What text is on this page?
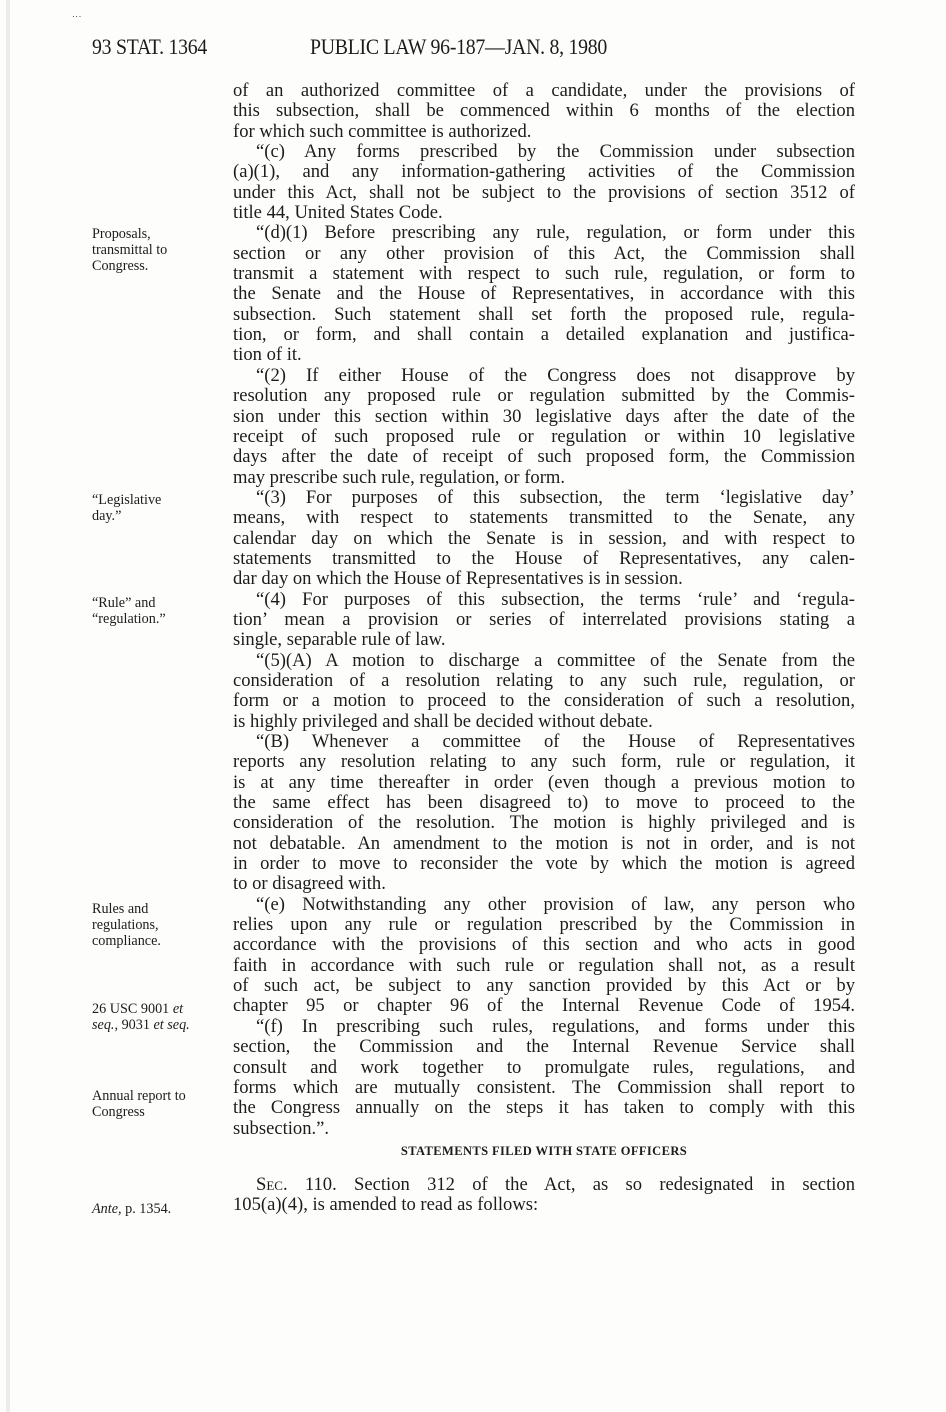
⋮
93 STAT. 1364	PUBLIC LAW 96-187—JAN. 8, 1980
Proposals,
transmittal to
Congress.
“Legislative
day.”
“Rule” and
“regulation.”
Rules and
regulations,
compliance.
26 USC 9001 et
seq., 9031 et seq.
Annual report to
Congress
Ante, p. 1354.

of an authorized committee of a candidate, under the provisions of
this subsection, shall be commenced within 6 months of the election
for which such committee is authorized.

“(c) Any forms prescribed by the Commission under subsection
(a)(1), and any information-gathering activities of the Commission
under this Act, shall not be subject to the provisions of section 3512 of
title 44, United States Code.

“(d)(1) Before prescribing any rule, regulation, or form under this
section or any other provision of this Act, the Commission shall
transmit a statement with respect to such rule, regulation, or form to
the Senate and the House of Representatives, in accordance with this
subsection. Such statement shall set forth the proposed rule, regula-
tion, or form, and shall contain a detailed explanation and justifica-
tion of it.

“(2) If either House of the Congress does not disapprove by
resolution any proposed rule or regulation submitted by the Commis-
sion under this section within 30 legislative days after the date of the
receipt of such proposed rule or regulation or within 10 legislative
days after the date of receipt of such proposed form, the Commission
may prescribe such rule, regulation, or form.

“(3) For purposes of this subsection, the term ‘legislative day’
means, with respect to statements transmitted to the Senate, any
calendar day on which the Senate is in session, and with respect to
statements transmitted to the House of Representatives, any calen-
dar day on which the House of Representatives is in session.

“(4) For purposes of this subsection, the terms ‘rule’ and ‘regula-
tion’ mean a provision or series of interrelated provisions stating a
single, separable rule of law.

“(5)(A) A motion to discharge a committee of the Senate from the
consideration of a resolution relating to any such rule, regulation, or
form or a motion to proceed to the consideration of such a resolution,
is highly privileged and shall be decided without debate.

“(B) Whenever a committee of the House of Representatives
reports any resolution relating to any such form, rule or regulation, it
is at any time thereafter in order (even though a previous motion to
the same effect has been disagreed to) to move to proceed to the
consideration of the resolution. The motion is highly privileged and is
not debatable. An amendment to the motion is not in order, and is not
in order to move to reconsider the vote by which the motion is agreed
to or disagreed with.

“(e) Notwithstanding any other provision of law, any person who
relies upon any rule or regulation prescribed by the Commission in
accordance with the provisions of this section and who acts in good
faith in accordance with such rule or regulation shall not, as a result
of such act, be subject to any sanction provided by this Act or by
chapter 95 or chapter 96 of the Internal Revenue Code of 1954.

“(f) In prescribing such rules, regulations, and forms under this
section, the Commission and the Internal Revenue Service shall
consult and work together to promulgate rules, regulations, and
forms which are mutually consistent. The Commission shall report to
the Congress annually on the steps it has taken to comply with this
subsection.”.

STATEMENTS FILED WITH STATE OFFICERS

Sec. 110. Section 312 of the Act, as so redesignated in section
105(a)(4), is amended to read as follows:
